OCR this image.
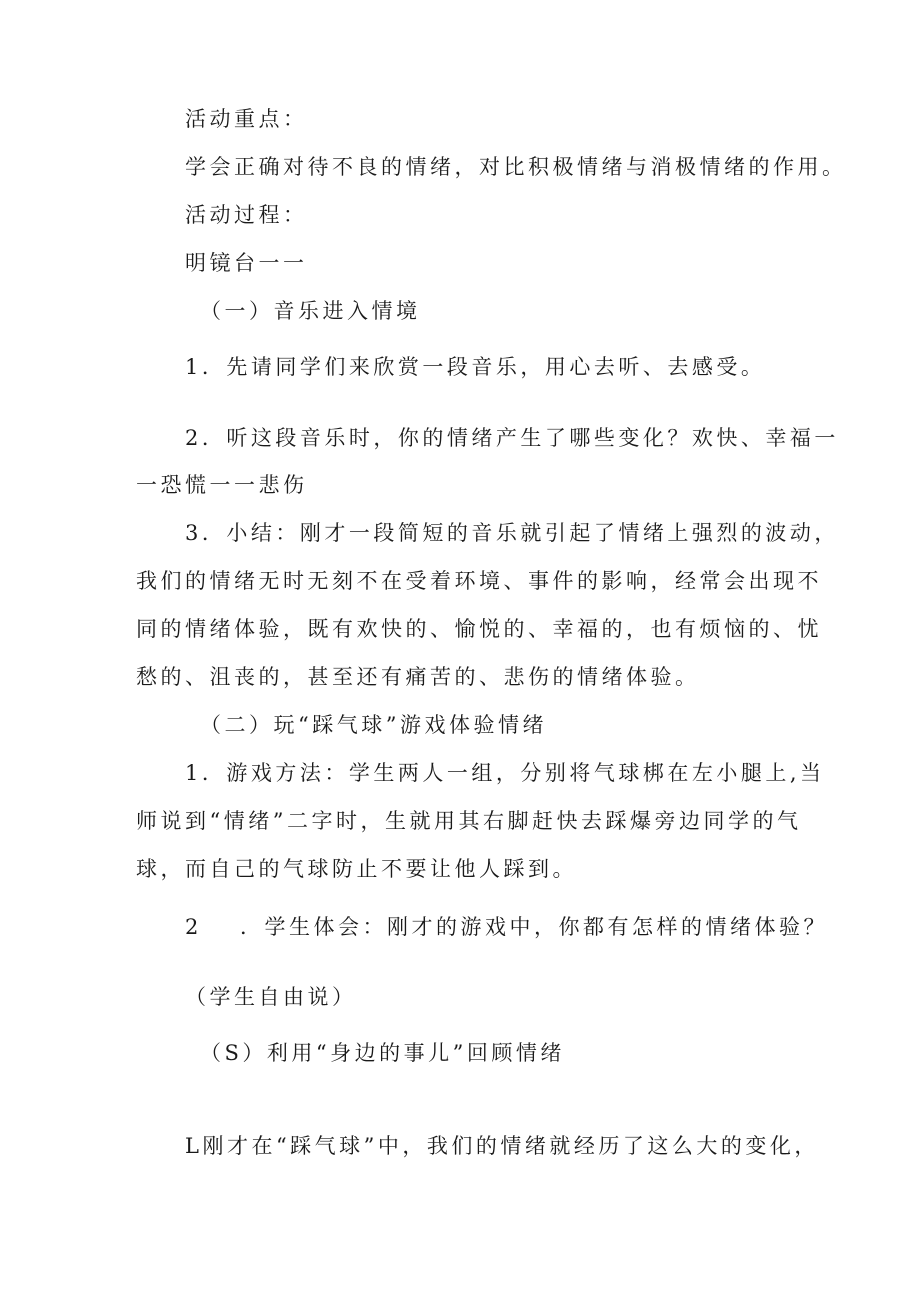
活动重点：
学会正确对待不良的情绪，对比积极情绪与消极情绪的作用。
活动过程：
明镜台一一
（一）音乐进入情境
1．先请同学们来欣赏一段音乐，用心去听、去感受。
2．听这段音乐时，你的情绪产生了哪些变化？欢快、幸福一
一恐慌一一悲伤
3．小结：刚才一段简短的音乐就引起了情绪上强烈的波动，
我们的情绪无时无刻不在受着环境、事件的影响，经常会出现不
同的情绪体验，既有欢快的、愉悦的、幸福的，也有烦恼的、忧
愁的、沮丧的，甚至还有痛苦的、悲伤的情绪体验。
（二）玩“踩气球”游戏体验情绪
1．游戏方法：学生两人一组，分别将气球梆在左小腿上,当
师说到“情绪”二字时，生就用其右脚赶快去踩爆旁边同学的气
球，而自己的气球防止不要让他人踩到。
2 ．学生体会：刚才的游戏中，你都有怎样的情绪体验？
（学生自由说）
（S）利用“身边的事儿”回顾情绪
L刚才在“踩气球”中，我们的情绪就经历了这么大的变化，
